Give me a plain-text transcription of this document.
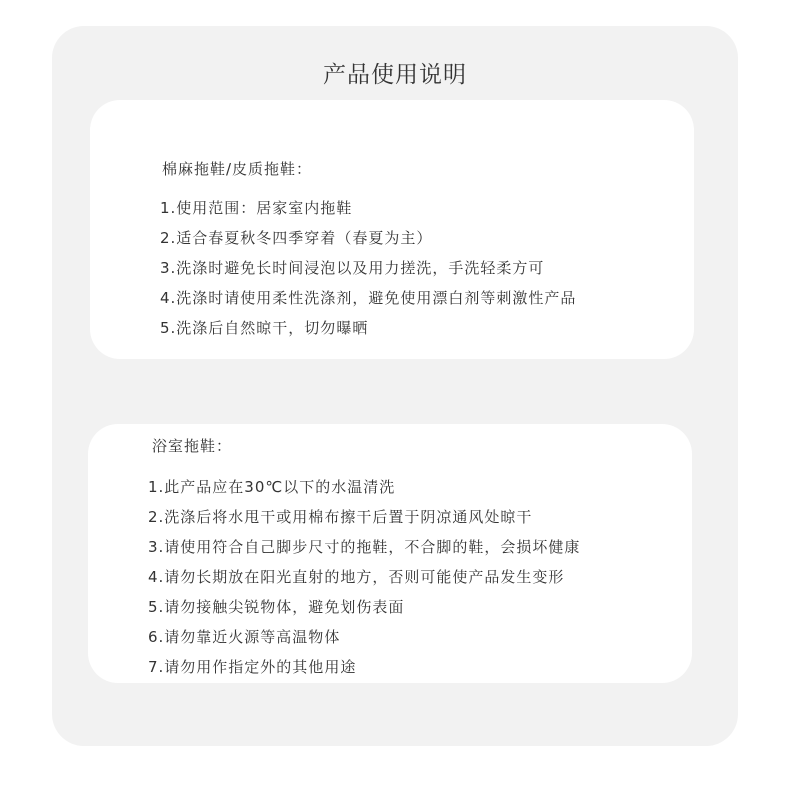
产品使用说明
棉麻拖鞋/皮质拖鞋：
1.使用范围：居家室内拖鞋
2.适合春夏秋冬四季穿着（春夏为主）
3.洗涤时避免长时间浸泡以及用力搓洗，手洗轻柔方可
4.洗涤时请使用柔性洗涤剂，避免使用漂白剂等刺激性产品
5.洗涤后自然晾干，切勿曝晒
浴室拖鞋：
1.此产品应在30℃以下的水温清洗
2.洗涤后将水甩干或用棉布擦干后置于阴凉通风处晾干
3.请使用符合自己脚步尺寸的拖鞋，不合脚的鞋，会损坏健康
4.请勿长期放在阳光直射的地方，否则可能使产品发生变形
5.请勿接触尖锐物体，避免划伤表面
6.请勿靠近火源等高温物体
7.请勿用作指定外的其他用途
